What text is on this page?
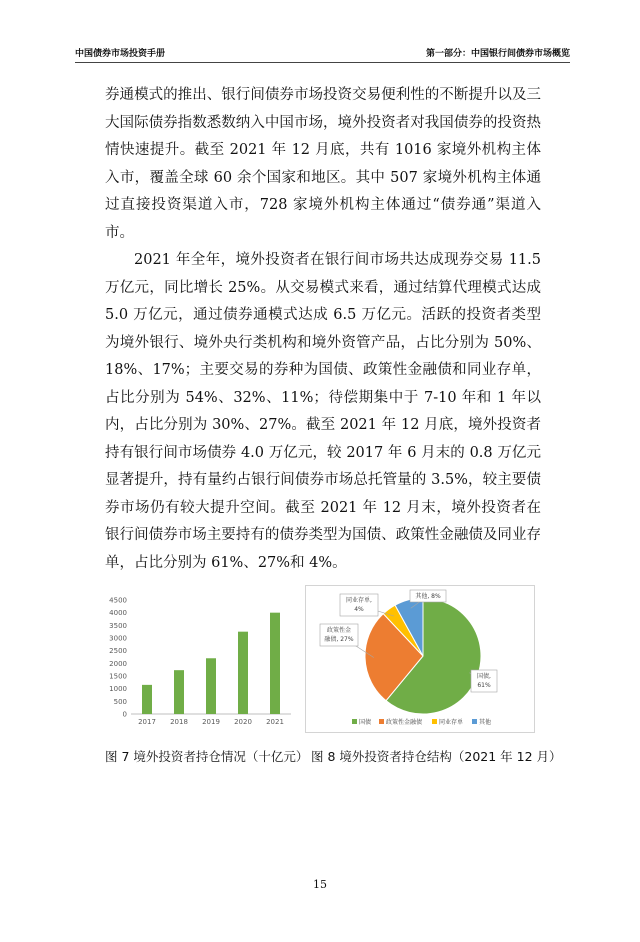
中国债券市场投资手册	第一部分：中国银行间债券市场概览

券通模式的推出、银行间债券市场投资交易便利性的不断提升以及三大国际债券指数悉数纳入中国市场，境外投资者对我国债券的投资热情快速提升。截至 2021 年 12 月底，共有 1016 家境外机构主体入市，覆盖全球 60 余个国家和地区。其中 507 家境外机构主体通过直接投资渠道入市，728 家境外机构主体通过“债券通”渠道入市。

2021 年全年，境外投资者在银行间市场共达成现券交易 11.5 万亿元，同比增长 25%。从交易模式来看，通过结算代理模式达成 5.0 万亿元，通过债券通模式达成 6.5 万亿元。活跃的投资者类型为境外银行、境外央行类机构和境外资管产品，占比分别为 50%、18%、17%；主要交易的券种为国债、政策性金融债和同业存单，占比分别为 54%、32%、11%；待偿期集中于 7-10 年和 1 年以内，占比分别为 30%、27%。截至 2021 年 12 月底，境外投资者持有银行间市场债券 4.0 万亿元，较 2017 年 6 月末的 0.8 万亿元显著提升，持有量约占银行间债券市场总托管量的 3.5%，较主要债券市场仍有较大提升空间。截至 2021 年 12 月末，境外投资者在银行间债券市场主要持有的债券类型为国债、政策性金融债及同业存单，占比分别为 61%、27%和 4%。

0
500
1000
1500
2000
2500
3000
3500
4000
4500
2017 2018 2019 2020 2021
国债,
61%
政策性金
融债, 27%
同业存单,
4%
其他, 8%
国债 政策性金融债	同业存单	其他
图 7 境外投资者持仓情况（十亿元） 图 8 境外投资者持仓结构（2021 年 12 月）
15
